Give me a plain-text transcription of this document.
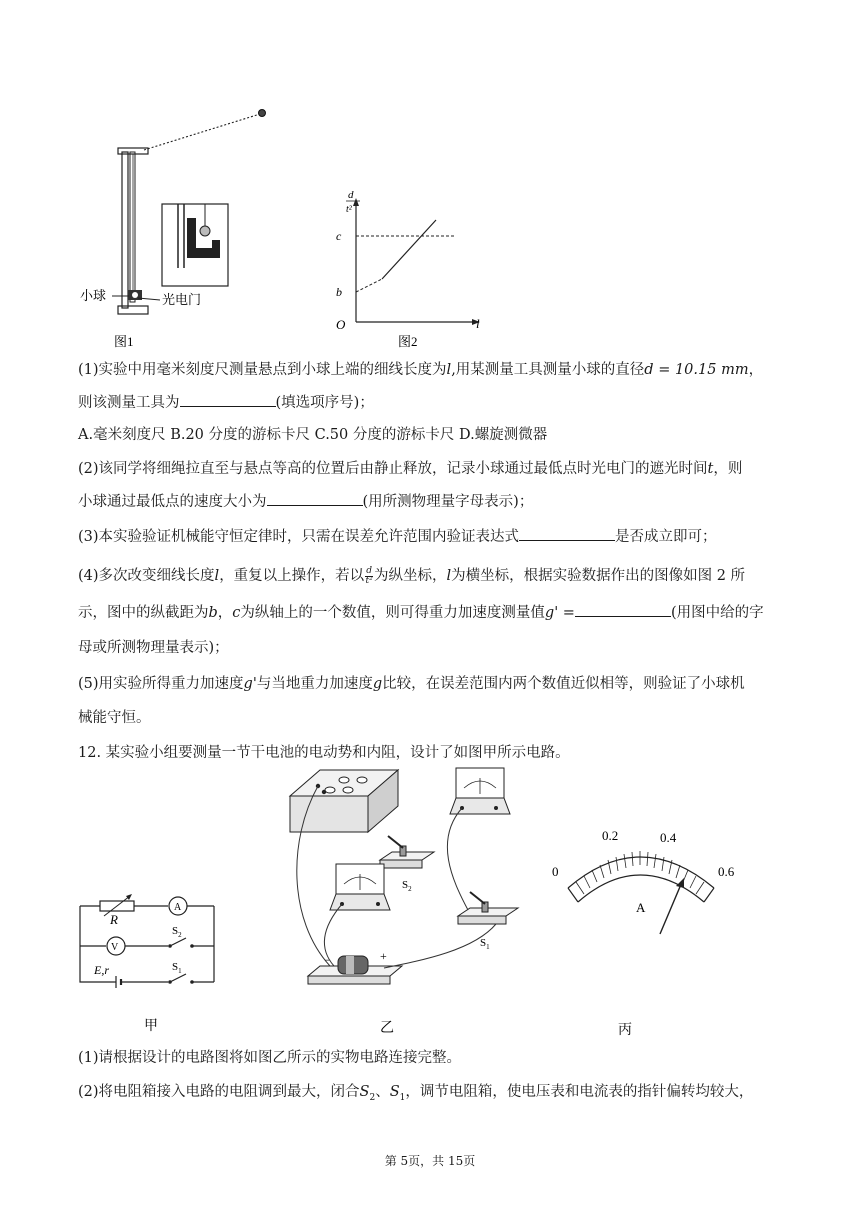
小球	光电门
图1
d
t²
l
O
c
b
图2
(1)实验中用毫米刻度尺测量悬点到小球上端的细线长度为l,用某测量工具测量小球的直径d = 10.15 mm，
则该测量工具为	(填选项序号)；
A.毫米刻度尺 B.20 分度的游标卡尺 C.50 分度的游标卡尺 D.螺旋测微器
(2)该同学将细绳拉直至与悬点等高的位置后由静止释放，记录小球通过最低点时光电门的遮光时间t，则
小球通过最低点的速度大小为	(用所测物理量字母表示)；
(3)本实验验证机械能守恒定律时，只需在误差允许范围内验证表达式	是否成立即可；
(4)多次改变细线长度l，重复以上操作，若以 $\frac{d}{\text{t²}}$ 为纵坐标，l为横坐标，根据实验数据作出的图像如图 2 所
示，图中的纵截距为b，c为纵轴上的一个数值，则可得重力加速度测量值g' =	(用图中给的字
母或所测物理量表示)；
(5)用实验所得重力加速度g'与当地重力加速度g比较，在误差范围内两个数值近似相等，则验证了小球机
械能守恒。
12. 某实验小组要测量一节干电池的电动势和内阻，设计了如图甲所示电路。
R
A
V
$S_2$
E,r	$S_1$
甲
$S_2$
$S_1$
−	+
乙
0
0.2	0.4
0.6
A
丙
(1)请根据设计的电路图将如图乙所示的实物电路连接完整。
(2)将电阻箱接入电路的电阻调到最大，闭合$S_2$、$S_1$，调节电阻箱，使电压表和电流表的指针偏转均较大，
第 5页，共 15页
